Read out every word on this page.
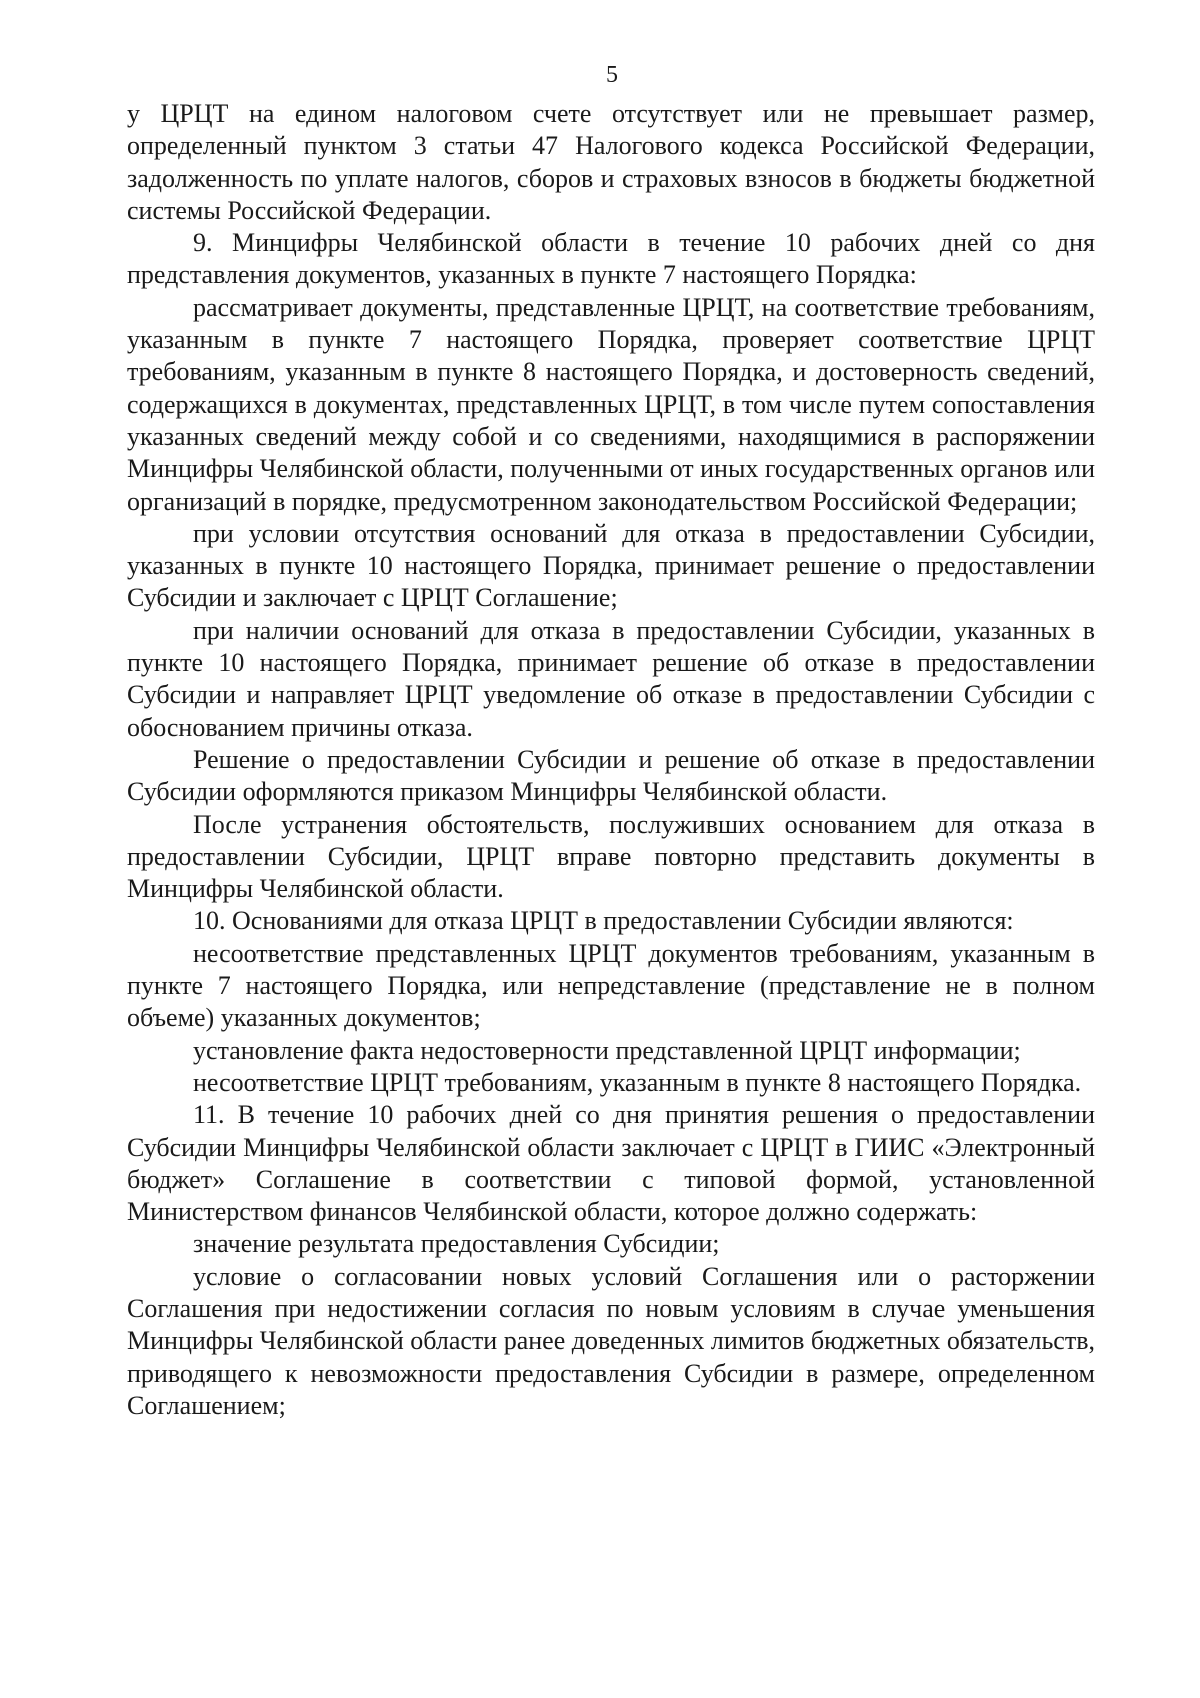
5

у ЦРЦТ на едином налоговом счете отсутствует или не превышает размер, определенный пунктом 3 статьи 47 Налогового кодекса Российской Федерации, задолженность по уплате налогов, сборов и страховых взносов в бюджеты бюджетной системы Российской Федерации.

9. Минцифры Челябинской области в течение 10 рабочих дней со дня представления документов, указанных в пункте 7 настоящего Порядка:

рассматривает документы, представленные ЦРЦТ, на соответствие требованиям, указанным в пункте 7 настоящего Порядка, проверяет соответствие ЦРЦТ требованиям, указанным в пункте 8 настоящего Порядка, и достоверность сведений, содержащихся в документах, представленных ЦРЦТ, в том числе путем сопоставления указанных сведений между собой и со сведениями, находящимися в распоряжении Минцифры Челябинской области, полученными от иных государственных органов или организаций в порядке, предусмотренном законодательством Российской Федерации;

при условии отсутствия оснований для отказа в предоставлении Субсидии, указанных в пункте 10 настоящего Порядка, принимает решение о предоставлении Субсидии и заключает с ЦРЦТ Соглашение;

при наличии оснований для отказа в предоставлении Субсидии, указанных в пункте 10 настоящего Порядка, принимает решение об отказе в предоставлении Субсидии и направляет ЦРЦТ уведомление об отказе в предоставлении Субсидии с обоснованием причины отказа.

Решение о предоставлении Субсидии и решение об отказе в предоставлении Субсидии оформляются приказом Минцифры Челябинской области.

После устранения обстоятельств, послуживших основанием для отказа в предоставлении Субсидии, ЦРЦТ вправе повторно представить документы в Минцифры Челябинской области.

10. Основаниями для отказа ЦРЦТ в предоставлении Субсидии являются:

несоответствие представленных ЦРЦТ документов требованиям, указанным в пункте 7 настоящего Порядка, или непредставление (представление не в полном объеме) указанных документов;

установление факта недостоверности представленной ЦРЦТ информации;

несоответствие ЦРЦТ требованиям, указанным в пункте 8 настоящего Порядка.

11. В течение 10 рабочих дней со дня принятия решения о предоставлении Субсидии Минцифры Челябинской области заключает с ЦРЦТ в ГИИС «Электронный бюджет» Соглашение в соответствии с типовой формой, установленной Министерством финансов Челябинской области, которое должно содержать:

значение результата предоставления Субсидии;

условие о согласовании новых условий Соглашения или о расторжении Соглашения при недостижении согласия по новым условиям в случае уменьшения Минцифры Челябинской области ранее доведенных лимитов бюджетных обязательств, приводящего к невозможности предоставления Субсидии в размере, определенном Соглашением;
